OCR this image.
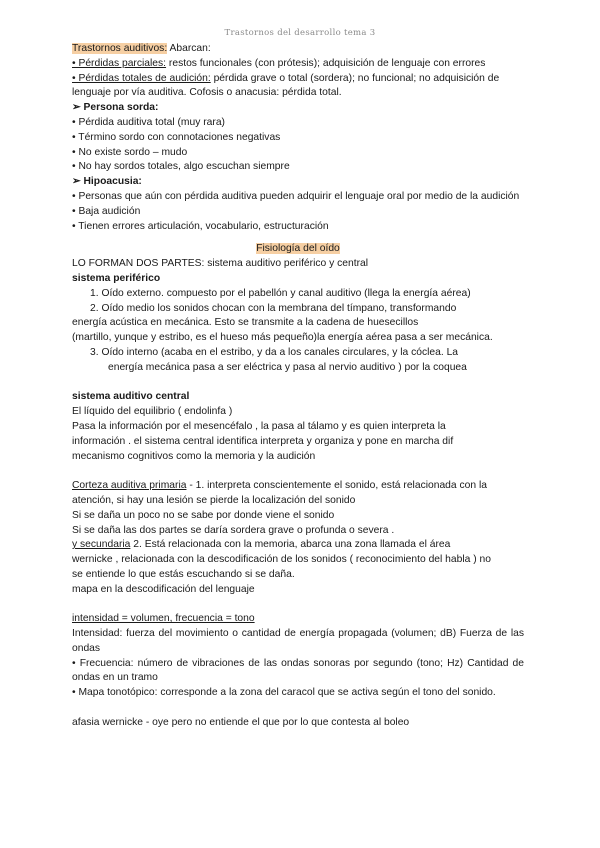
Trastornos del desarrollo tema 3
Trastornos auditivos: Abarcan:
• Pérdidas parciales: restos funcionales (con prótesis); adquisición de lenguaje con errores
• Pérdidas totales de audición: pérdida grave o total (sordera); no funcional; no adquisición de lenguaje por vía auditiva. Cofosis o anacusia: pérdida total.
➢ Persona sorda:
• Pérdida auditiva total (muy rara)
• Término sordo con connotaciones negativas
• No existe sordo – mudo
• No hay sordos totales, algo escuchan siempre
➢ Hipoacusia:
• Personas que aún con pérdida auditiva pueden adquirir el lenguaje oral por medio de la audición
• Baja audición
• Tienen errores articulación, vocabulario, estructuración
Fisiología del oído
LO FORMAN DOS PARTES: sistema auditivo periférico y central
sistema periférico
1. Oído externo. compuesto por el pabellón y canal auditivo (llega la energía aérea)
2. Oído medio los sonidos chocan con la membrana del tímpano, transformando
energía acústica en mecánica. Esto se transmite a la cadena de huesecillos
(martillo, yunque y estribo, es el hueso más pequeño)la energía aérea pasa a ser mecánica.
3. Oído interno (acaba en el estribo, y da a los canales circulares, y la cóclea. La
energía mecánica pasa a ser eléctrica y pasa al nervio auditivo ) por la coquea
sistema auditivo central
El líquido del equilibrio ( endolinfa )
Pasa la información por el mesencéfalo , la pasa al tálamo y es quien interpreta la
información . el sistema central identifica interpreta y organiza y pone en marcha dif
mecanismo cognitivos como la memoria y la audición
Corteza auditiva primaria - 1. interpreta conscientemente el sonido, está relacionada con la
atención, si hay una lesión se pierde la localización del sonido
Si se daña un poco no se sabe por donde viene el sonido
Si se daña las dos partes se daría sordera grave o profunda o severa .
y secundaria 2. Está relacionada con la memoria, abarca una zona llamada el área
wernicke , relacionada con la descodificación de los sonidos ( reconocimiento del habla ) no
se entiende lo que estás escuchando si se daña.
mapa en la descodificación del lenguaje
intensidad = volumen, frecuencia = tono
Intensidad: fuerza del movimiento o cantidad de energía propagada (volumen; dB) Fuerza de las ondas
• Frecuencia: número de vibraciones de las ondas sonoras por segundo (tono; Hz) Cantidad de ondas en un tramo
• Mapa tonotópico: corresponde a la zona del caracol que se activa según el tono del sonido.
afasia wernicke - oye pero no entiende el que por lo que contesta al boleo
